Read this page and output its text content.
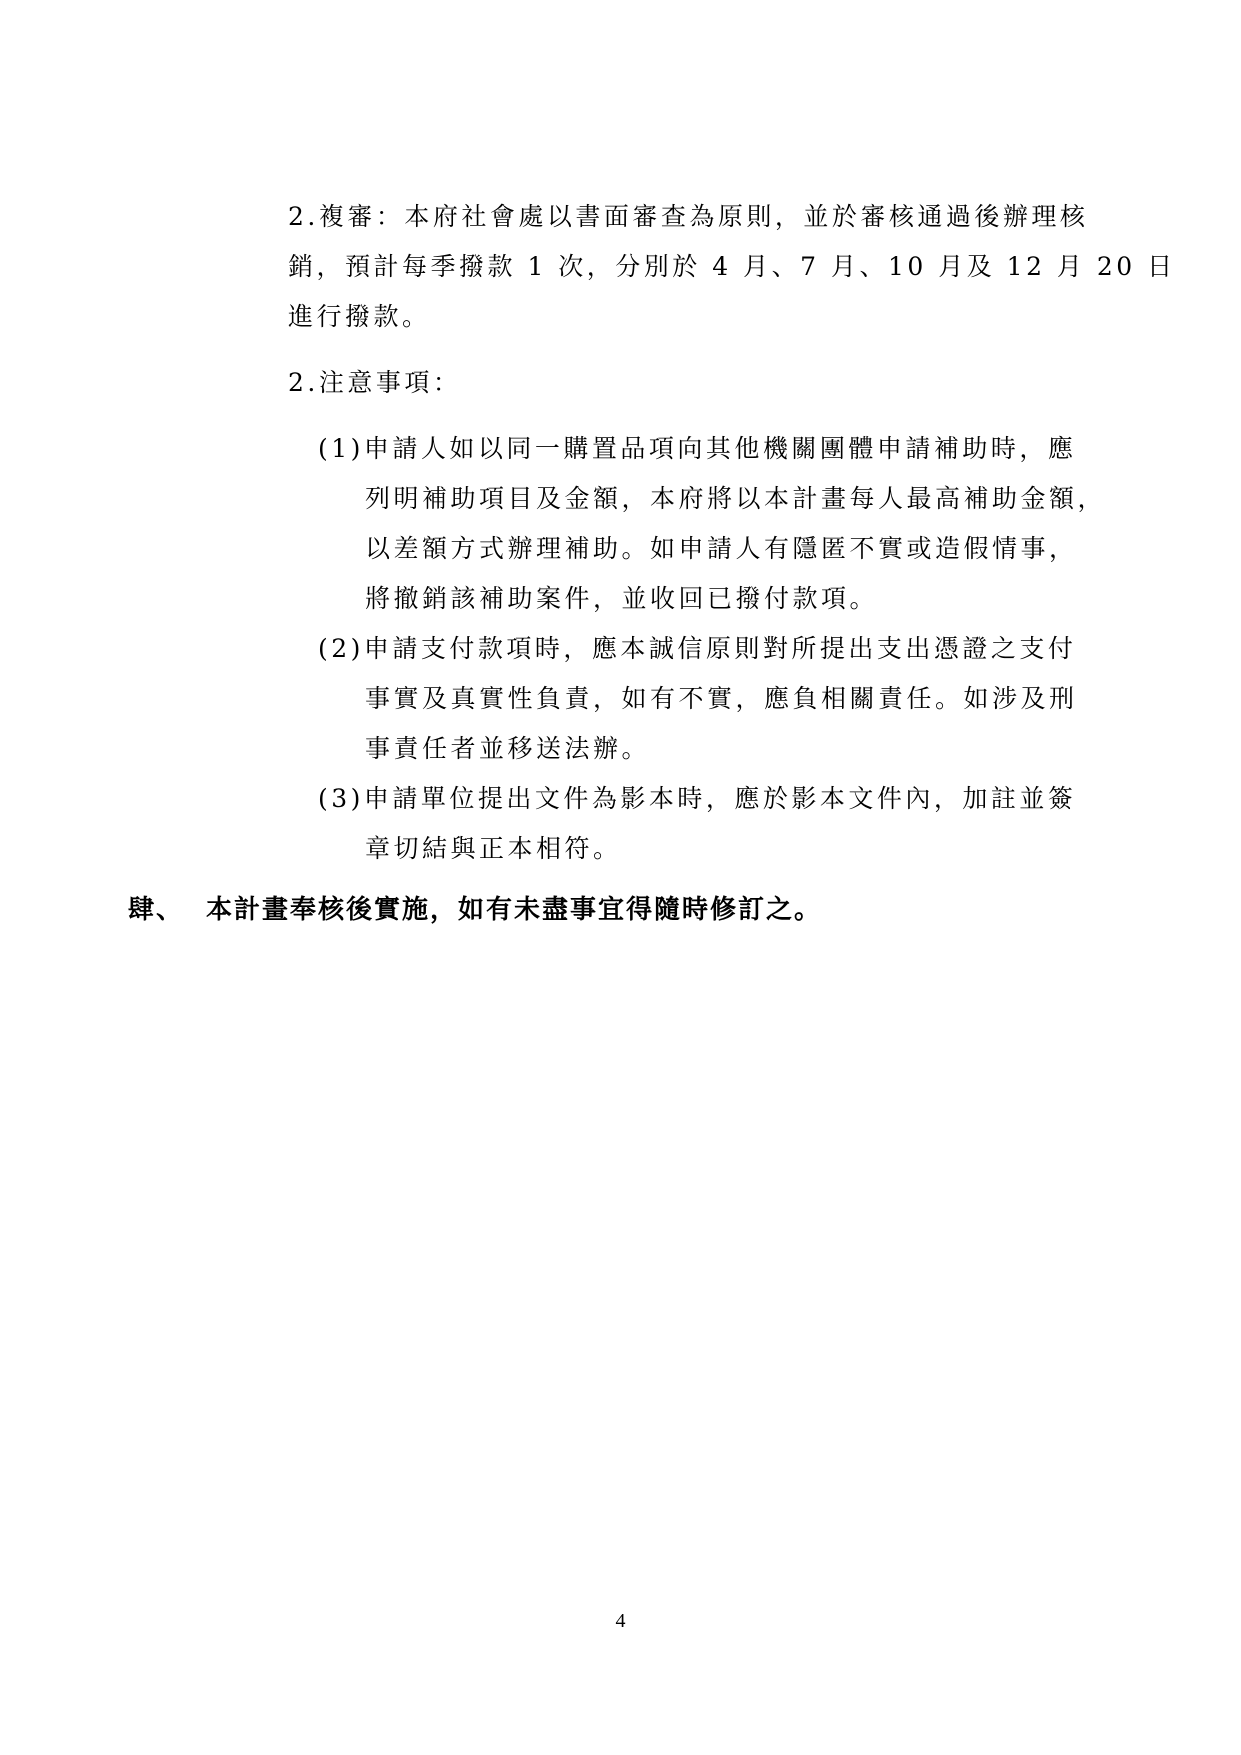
2.複審：本府社會處以書面審查為原則，並於審核通過後辦理核
銷，預計每季撥款 1 次，分別於 4 月、7 月、10 月及 12 月 20 日
進行撥款。
2.注意事項：
(1)申請人如以同一購置品項向其他機關團體申請補助時，應
列明補助項目及金額，本府將以本計畫每人最高補助金額，
以差額方式辦理補助。如申請人有隱匿不實或造假情事，
將撤銷該補助案件，並收回已撥付款項。
(2)申請支付款項時，應本誠信原則對所提出支出憑證之支付
事實及真實性負責，如有不實，應負相關責任。如涉及刑
事責任者並移送法辦。
(3)申請單位提出文件為影本時，應於影本文件內，加註並簽
章切結與正本相符。
肆、 本計畫奉核後實施，如有未盡事宜得隨時修訂之。
4
